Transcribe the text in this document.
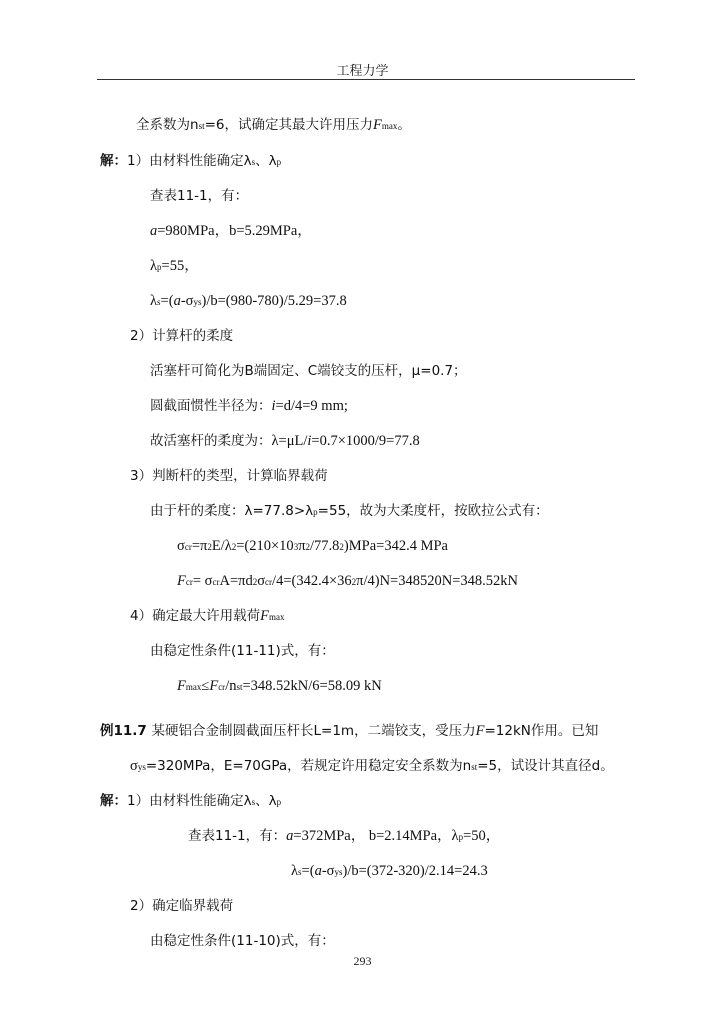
工程力学
全系数为nst=6，试确定其最大许用压力Fmax。
解：1）由材料性能确定λs、λp
查表11-1，有：
a=980MPa，b=5.29MPa，
λp=55，
λs=(a-σys)/b=(980-780)/5.29=37.8
2）计算杆的柔度
活塞杆可简化为B端固定、C端铰支的压杆，μ=0.7；
圆截面惯性半径为：i=d/4=9 mm;
故活塞杆的柔度为：λ=μL/i=0.7×1000/9=77.8
3）判断杆的类型，计算临界载荷
由于杆的柔度：λ=77.8>λp=55，故为大柔度杆，按欧拉公式有：
σcr=π2E/λ2=(210×103π2/77.82)MPa=342.4 MPa
Fcr= σcrA=πd2σcr/4=(342.4×362π/4)N=348520N=348.52kN
4）确定最大许用载荷Fmax
由稳定性条件(11-11)式，有：
Fmax≤Fcr/nst=348.52kN/6=58.09 kN
例11.7 某硬铝合金制圆截面压杆长L=1m，二端铰支，受压力F=12kN作用。已知
σys=320MPa，E=70GPa，若规定许用稳定安全系数为nst=5，试设计其直径d。
解：1）由材料性能确定λs、λp
查表11-1，有：a=372MPa， b=2.14MPa，λp=50，
λs=(a-σys)/b=(372-320)/2.14=24.3
2）确定临界载荷
由稳定性条件(11-10)式，有：
293
